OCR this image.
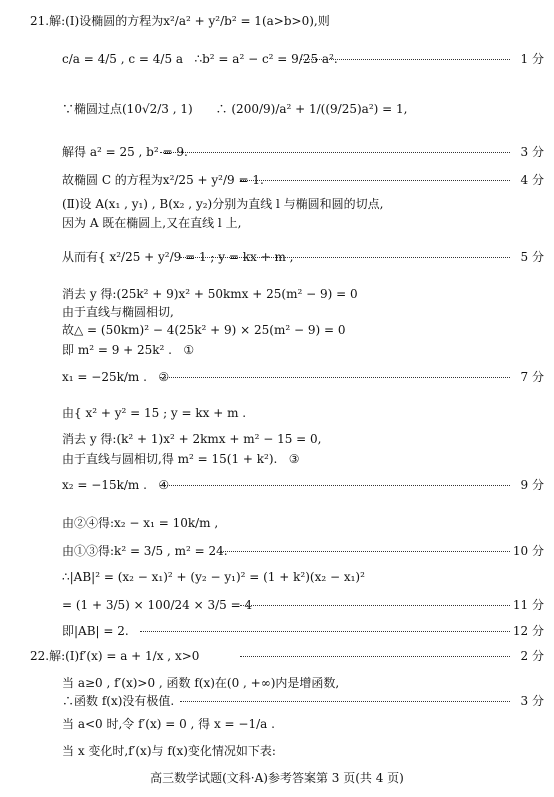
21.解:(Ⅰ)设椭圆的方程为x²/a² + y²/b² = 1(a>b>0),则
c/a = 4/5 , c = 4/5 a   ∴b² = a² − c² = 9/25 a².	1 分
∵椭圆过点(10√2/3 , 1)      ∴ (200/9)/a² + 1/((9/25)a²) = 1,
解得 a² = 25 , b² = 9.	3 分
故椭圆 C 的方程为x²/25 + y²/9 = 1.	4 分
(Ⅱ)设 A(x₁ , y₁) , B(x₂ , y₂)分别为直线 l 与椭圆和圆的切点,
因为 A 既在椭圆上,又在直线 l 上,
从而有{ x²/25 + y²/9 = 1 ; y = kx + m ,	5 分
消去 y 得:(25k² + 9)x² + 50kmx + 25(m² − 9) = 0
由于直线与椭圆相切,
故△ = (50km)² − 4(25k² + 9) × 25(m² − 9) = 0
即 m² = 9 + 25k² .   ①
x₁ = −25k/m .   ②	7 分
由{ x² + y² = 15 ; y = kx + m .
消去 y 得:(k² + 1)x² + 2kmx + m² − 15 = 0,
由于直线与圆相切,得 m² = 15(1 + k²).   ③
x₂ = −15k/m .   ④	9 分
由②④得:x₂ − x₁ = 10k/m ,
由①③得:k² = 3/5 , m² = 24.	10 分
∴|AB|² = (x₂ − x₁)² + (y₂ − y₁)² = (1 + k²)(x₂ − x₁)²
= (1 + 3/5) × 100/24 × 3/5 = 4	11 分
即|AB| = 2.	12 分
22.解:(Ⅰ)f′(x) = a + 1/x , x>0	2 分
当 a≥0 , f′(x)>0 , 函数 f(x)在(0 , +∞)内是增函数,
∴函数 f(x)没有极值.	3 分
当 a<0 时,令 f′(x) = 0 , 得 x = −1/a .
当 x 变化时,f′(x)与 f(x)变化情况如下表:
高三数学试题(文科·A)参考答案第 3 页(共 4 页)
